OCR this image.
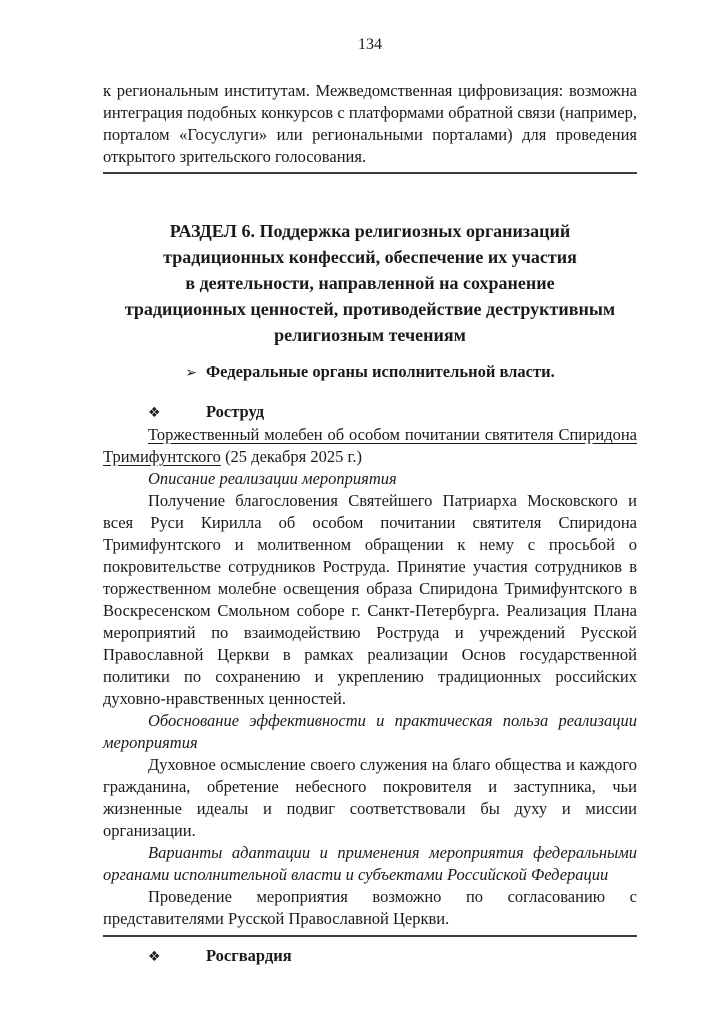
134

к региональным институтам. Межведомственная цифровизация: возможна интеграция подобных конкурсов с платформами обратной связи (например, порталом «Госуслуги» или региональными порталами) для проведения открытого зрительского голосования.

РАЗДЕЛ 6. Поддержка религиозных организаций
традиционных конфессий, обеспечение их участия
в деятельности, направленной на сохранение
традиционных ценностей, противодействие деструктивным
религиозным течениям
➢ Федеральные органы исполнительной власти.

❖	Роструд

Торжественный молебен об особом почитании святителя Спиридона Тримифунтского (25 декабря 2025 г.)

Описание реализации мероприятия

Получение благословения Святейшего Патриарха Московского и всея Руси Кирилла об особом почитании святителя Спиридона Тримифунтского и молитвенном обращении к нему с просьбой о покровительстве сотрудников Роструда. Принятие участия сотрудников в торжественном молебне освещения образа Спиридона Тримифунтского в Воскресенском Смольном соборе г. Санкт-Петербурга. Реализация Плана мероприятий по взаимодействию Роструда и учреждений Русской Православной Церкви в рамках реализации Основ государственной политики по сохранению и укреплению традиционных российских духовно-нравственных ценностей.

Обоснование эффективности и практическая польза реализации мероприятия

Духовное осмысление своего служения на благо общества и каждого гражданина, обретение небесного покровителя и заступника, чьи жизненные идеалы и подвиг соответствовали бы духу и миссии организации.

Варианты адаптации и применения мероприятия федеральными органами исполнительной власти и субъектами Российской Федерации

Проведение мероприятия возможно по согласованию с представителями Русской Православной Церкви.

❖	Росгвардия
